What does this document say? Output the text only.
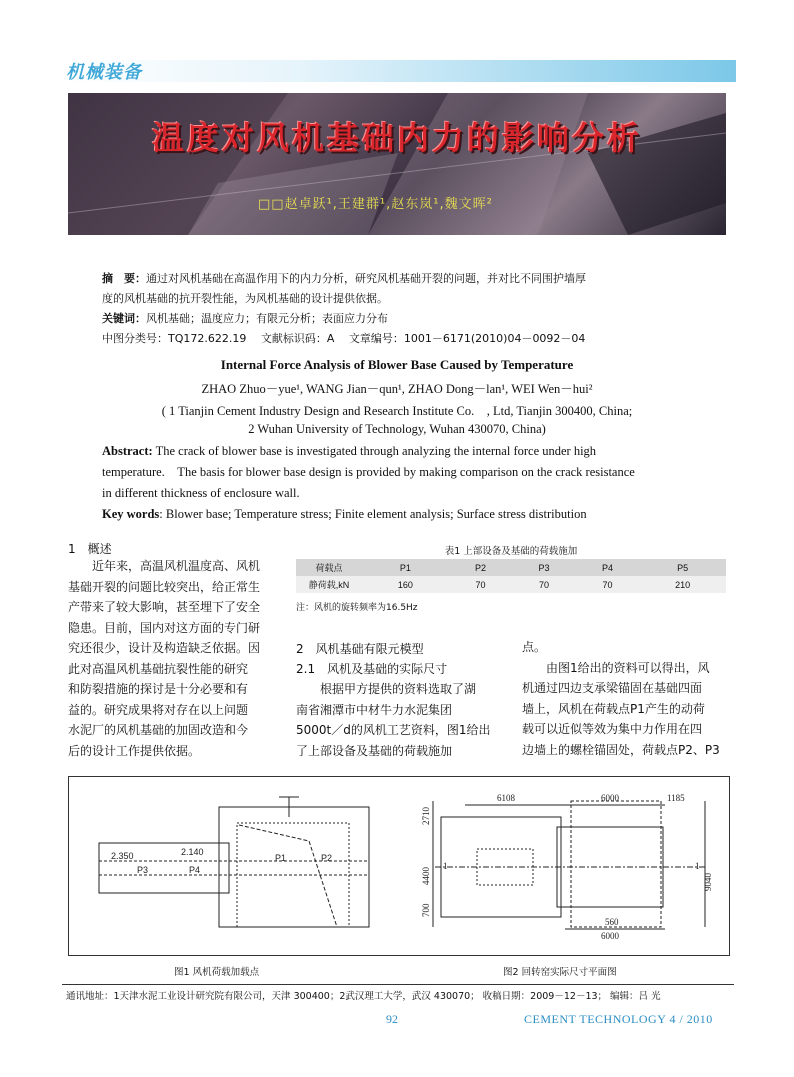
机械装备
温度对风机基础内力的影响分析
□□赵卓跃¹,王建群¹,赵东岚¹,魏文晖²
摘　要：通过对风机基础在高温作用下的内力分析，研究风机基础开裂的问题，并对比不同围护墙厚
度的风机基础的抗开裂性能，为风机基础的设计提供依据。
关键词：风机基础；温度应力；有限元分析；表面应力分布
中图分类号：TQ172.622.19　 文献标识码：A　 文章编号：1001－6171(2010)04－0092－04
Internal Force Analysis of Blower Base Caused by Temperature
ZHAO Zhuo－yue¹, WANG Jian－qun¹, ZHAO Dong－lan¹, WEI Wen－hui²
( 1 Tianjin Cement Industry Design and Research Institute Co.　, Ltd, Tianjin 300400, China;
2 Wuhan University of Technology, Wuhan 430070, China)
Abstract: The crack of blower base is investigated through analyzing the internal force under high
temperature.　The basis for blower base design is provided by making comparison on the crack resistance
in different thickness of enclosure wall.
Key words: Blower base; Temperature stress; Finite element analysis; Surface stress distribution
1　概述
近年来，高温风机温度高、风机
基础开裂的问题比较突出，给正常生
产带来了较大影响，甚至埋下了安全
隐患。目前，国内对这方面的专门研
究还很少，设计及构造缺乏依据。因
此对高温风机基础抗裂性能的研究
和防裂措施的探讨是十分必要和有
益的。研究成果将对存在以上问题
水泥厂的风机基础的加固改造和今
后的设计工作提供依据。
表1 上部设备及基础的荷载施加
荷载点	P1	P2	P3	P4	P5
静荷载,kN	160	70	70	70	210
注：风机的旋转频率为16.5Hz
2　风机基础有限元模型
2.1　风机及基础的实际尺寸
根据甲方提供的资料选取了湖
南省湘潭市中材牛力水泥集团
5000t／d的风机工艺资料，图1给出
了上部设备及基础的荷载施加
点。
由图1给出的资料可以得出，风
机通过四边支承梁锚固在基础四面
墙上，风机在荷载点P1产生的动荷
载可以近似等效为集中力作用在四
边墙上的螺栓锚固处，荷载点P2、P3
2.350	2.140
P1	P2
P3	P4
6108	6000	1185
2710
4400
700
9040
1	1
560
6000
图1 风机荷载加载点	图2 回转窑实际尺寸平面图
通讯地址：1天津水泥工业设计研究院有限公司，天津 300400；2武汉理工大学，武汉 430070； 收稿日期：2009－12－13； 编辑：吕 光
92	CEMENT TECHNOLOGY 4 / 2010
